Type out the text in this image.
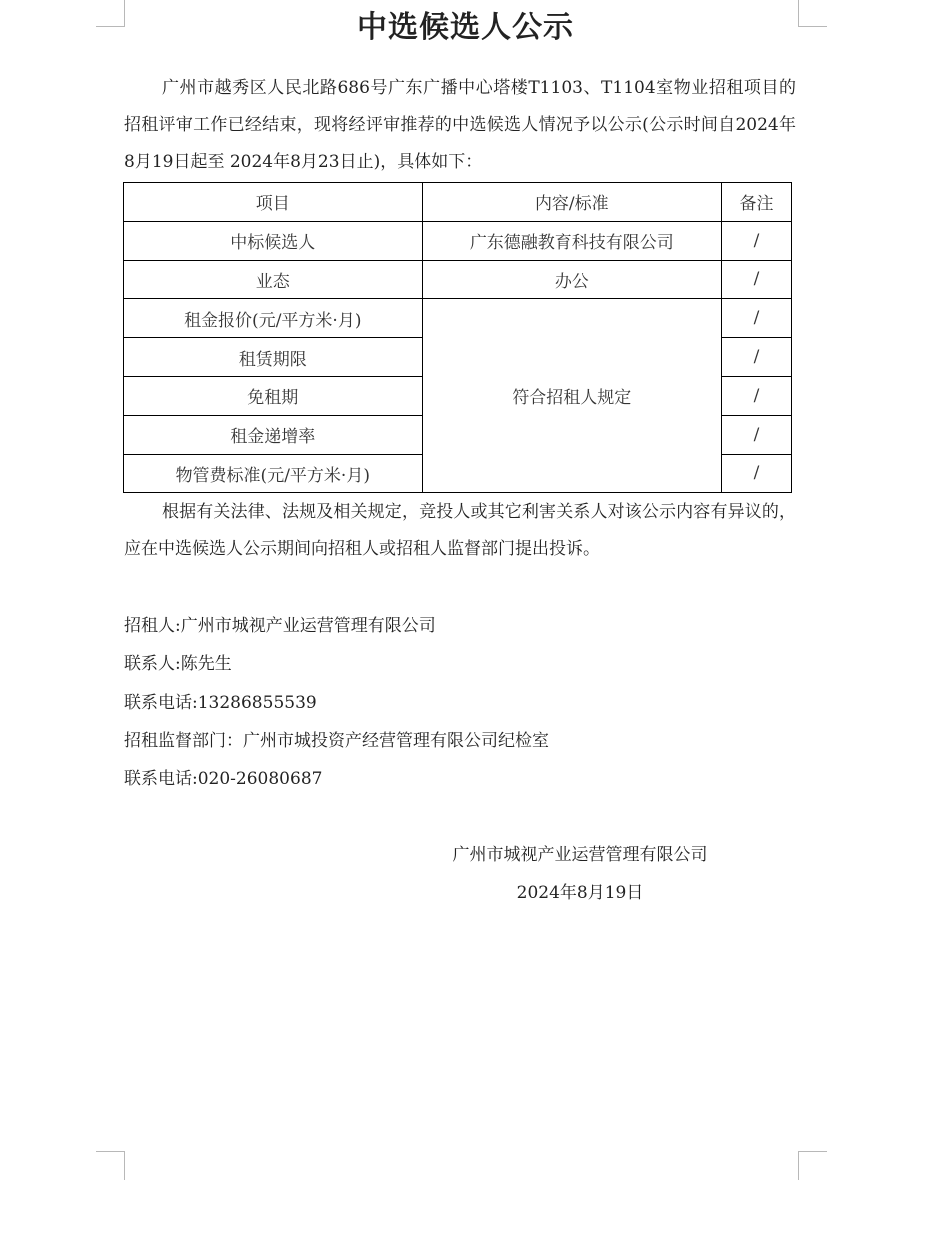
中选候选人公示
广州市越秀区人民北路686号广东广播中心塔楼T1103、T1104室物业招租项目的招租评审工作已经结束，现将经评审推荐的中选候选人情况予以公示(公示时间自2024年8月19日起至 2024年8月23日止)，具体如下：
项目	内容/标准	备注
中标候选人	广东德融教育科技有限公司	/
业态	办公	/
租金报价(元/平方米·月)	符合招租人规定	/
租赁期限		/
免租期		/
租金递增率		/
物管费标准(元/平方米·月)		/
根据有关法律、法规及相关规定，竞投人或其它利害关系人对该公示内容有异议的，应在中选候选人公示期间向招租人或招租人监督部门提出投诉。
招租人:广州市城视产业运营管理有限公司
联系人:陈先生
联系电话:13286855539
招租监督部门：广州市城投资产经营管理有限公司纪检室
联系电话:020-26080687
广州市城视产业运营管理有限公司
2024年8月19日
